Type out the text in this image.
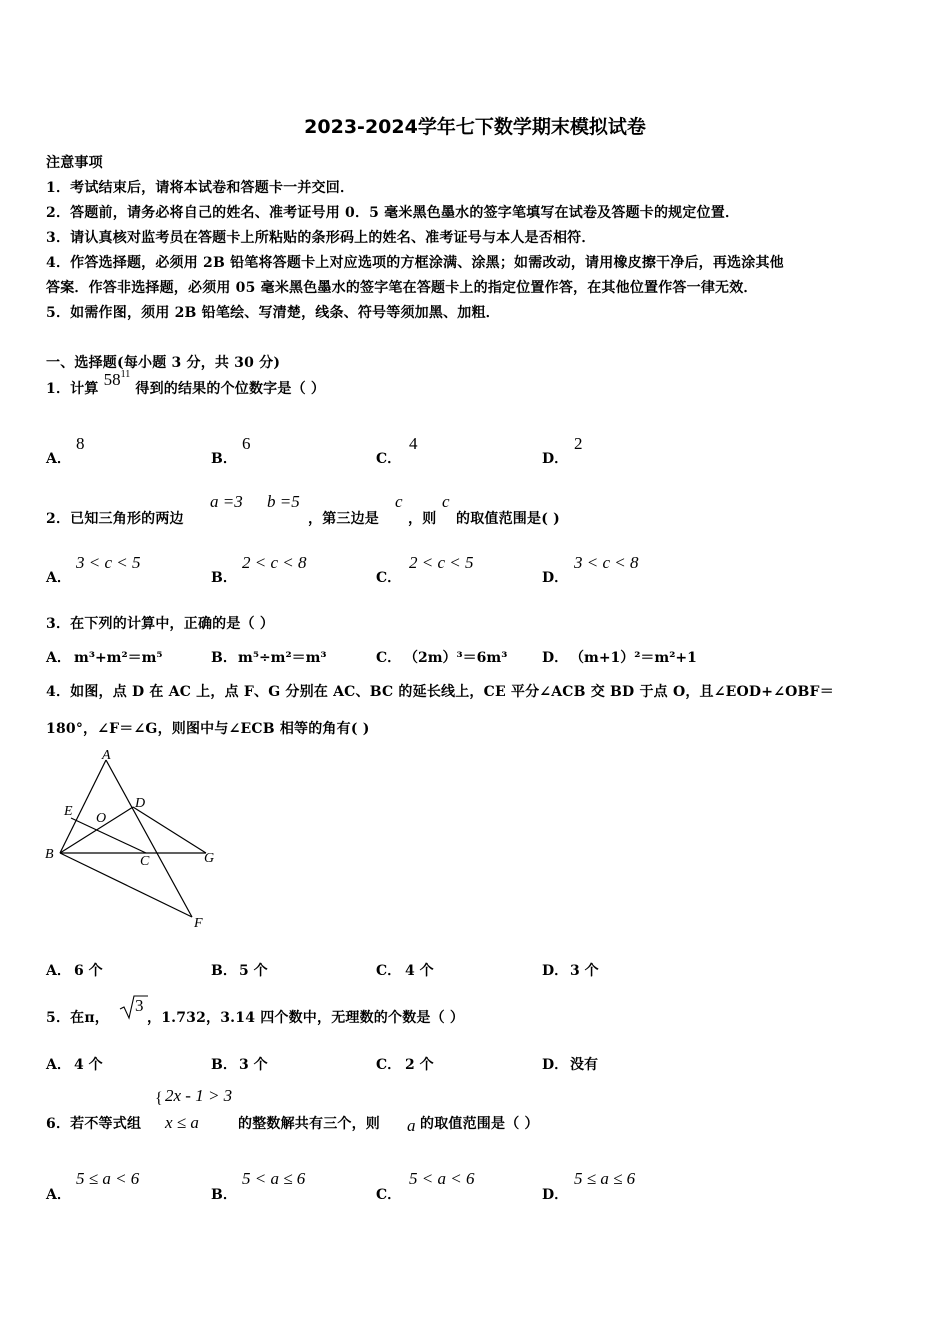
2023-2024学年七下数学期末模拟试卷
注意事项
1．考试结束后，请将本试卷和答题卡一并交回．
2．答题前，请务必将自己的姓名、准考证号用 0．5 毫米黑色墨水的签字笔填写在试卷及答题卡的规定位置．
3．请认真核对监考员在答题卡上所粘贴的条形码上的姓名、准考证号与本人是否相符．
4．作答选择题，必须用 2B 铅笔将答题卡上对应选项的方框涂满、涂黑；如需改动，请用橡皮擦干净后，再选涂其他
答案．作答非选择题，必须用 05 毫米黑色墨水的签字笔在答题卡上的指定位置作答，在其他位置作答一律无效．
5．如需作图，须用 2B 铅笔绘、写清楚，线条、符号等须加黑、加粗．
一、选择题(每小题 3 分，共 30 分)
1．计算 $58^{11}$ 得到的结果的个位数字是（ ）
A．
8
B．
6
C．
4
D．
2
2．已知三角形的两边
a =3 b =5
，第三边是
c
，则
c
的取值范围是( )
A．
3 < c < 5
B．
2 < c < 8
C．
2 < c < 5
D．
3 < c < 8
3．在下列的计算中，正确的是（ ）
A． m³+m²＝m⁵	B． m⁵÷m²＝m³	C． （2m）³＝6m³ D． （m+1）²＝m²+1
4．如图，点 D 在 AC 上，点 F、G 分别在 AC、BC 的延长线上，CE 平分∠ACB 交 BD 于点 O，且∠EOD+∠OBF＝
180°，∠F＝∠G，则图中与∠ECB 相等的角有( )
A
E
D
O
B	C	G
F
A． 6 个	B． 5 个	C． 4 个	D． 3 个
5．在π，
3
，1.732，3.14 四个数中，无理数的个数是（ ）
A． 4 个	B． 3 个	C． 2 个	D． 没有
6．若不等式组
{ 2x - 1 > 3
x ≤ a	的整数解共有三个，则 a 的取值范围是（ ）
A．
5 ≤ a < 6
B．
5 < a ≤ 6
C．
5 < a < 6
D．
5 ≤ a ≤ 6
